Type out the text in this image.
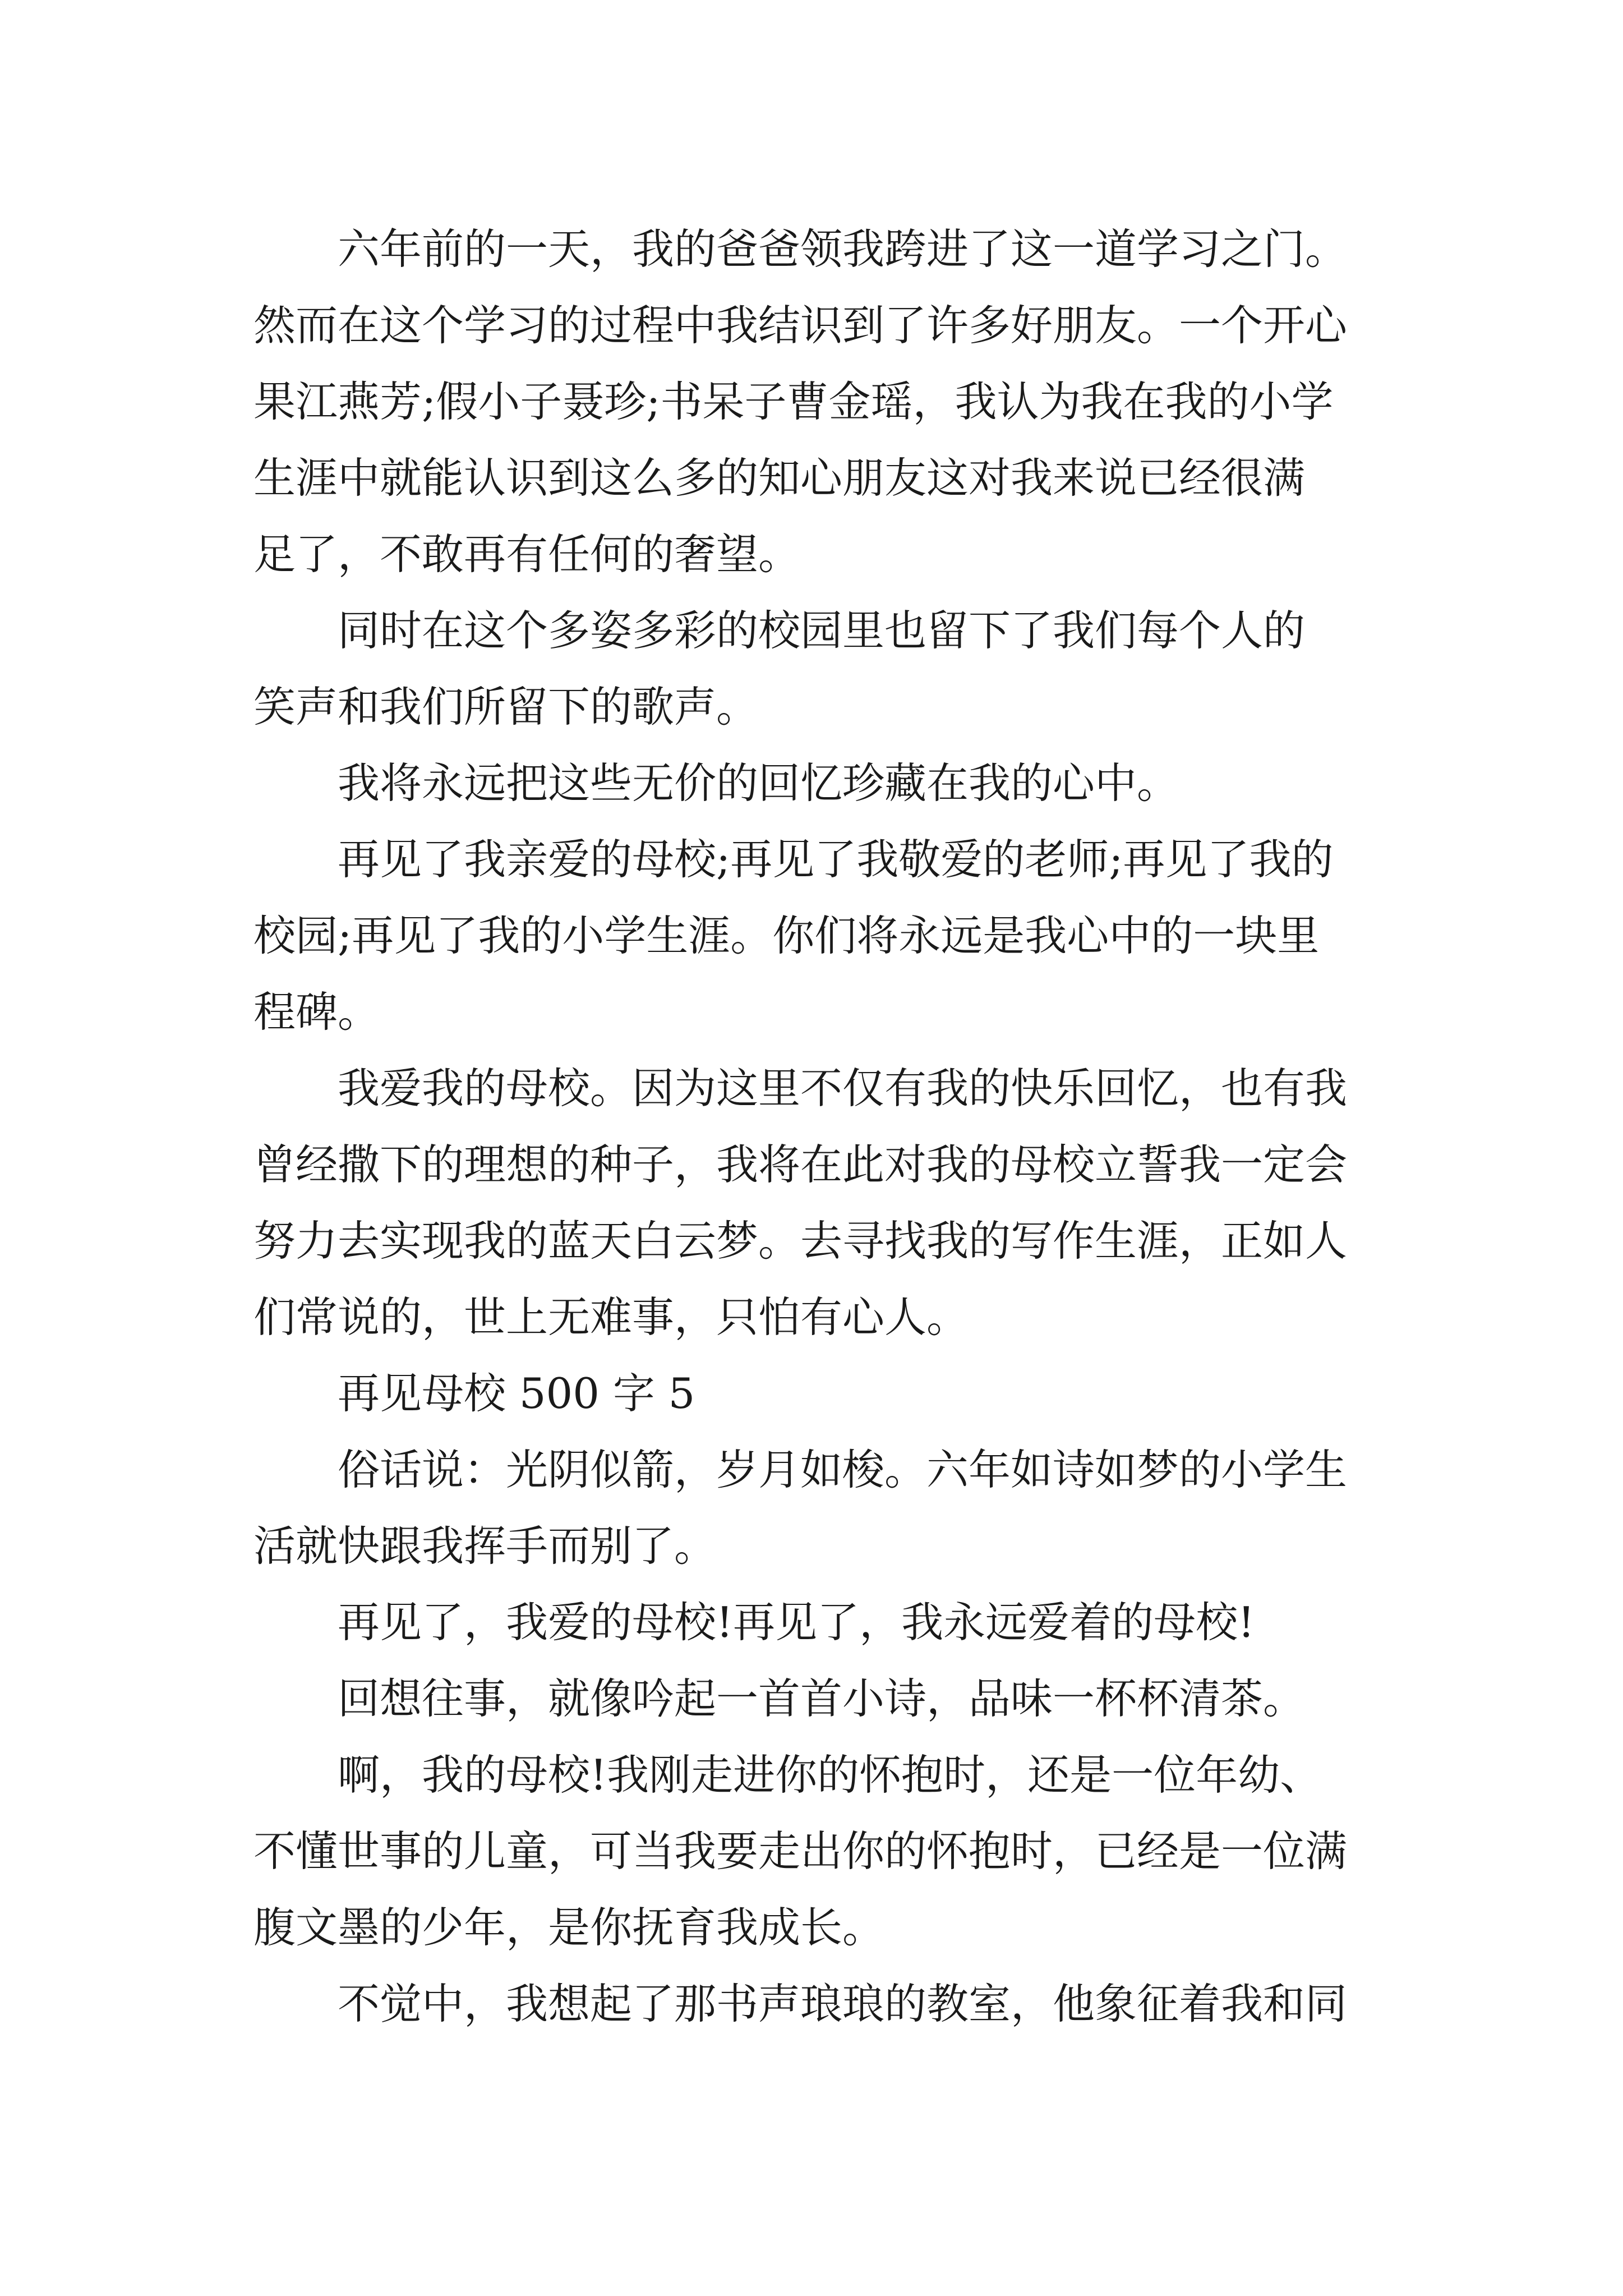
六年前的一天，我的爸爸领我跨进了这一道学习之门。
然而在这个学习的过程中我结识到了许多好朋友。一个开心
果江燕芳;假小子聂珍;书呆子曹金瑶，我认为我在我的小学
生涯中就能认识到这么多的知心朋友这对我来说已经很满
足了，不敢再有任何的奢望。

同时在这个多姿多彩的校园里也留下了我们每个人的
笑声和我们所留下的歌声。

我将永远把这些无价的回忆珍藏在我的心中。

再见了我亲爱的母校;再见了我敬爱的老师;再见了我的
校园;再见了我的小学生涯。你们将永远是我心中的一块里
程碑。

我爱我的母校。因为这里不仅有我的快乐回忆，也有我
曾经撒下的理想的种子，我将在此对我的母校立誓我一定会
努力去实现我的蓝天白云梦。去寻找我的写作生涯，正如人
们常说的，世上无难事，只怕有心人。

再见母校 500 字 5

俗话说：光阴似箭，岁月如梭。六年如诗如梦的小学生
活就快跟我挥手而别了。

再见了，我爱的母校!再见了，我永远爱着的母校!

回想往事，就像吟起一首首小诗，品味一杯杯清茶。

啊，我的母校!我刚走进你的怀抱时，还是一位年幼、
不懂世事的儿童，可当我要走出你的怀抱时，已经是一位满
腹文墨的少年，是你抚育我成长。

不觉中，我想起了那书声琅琅的教室，他象征着我和同
